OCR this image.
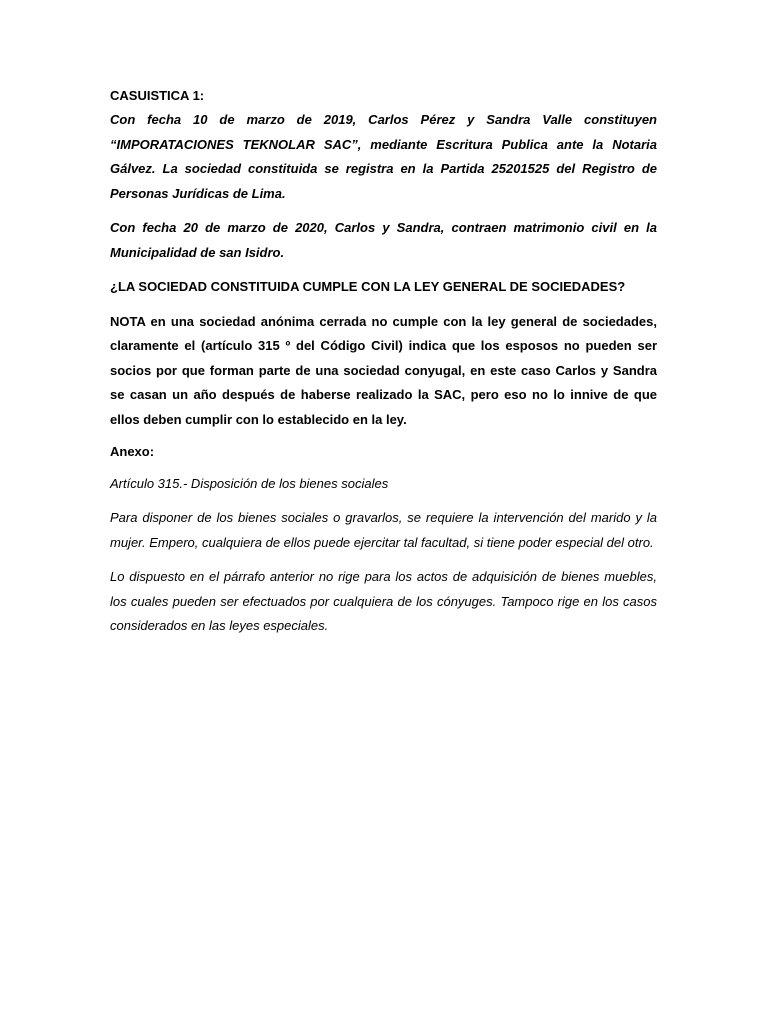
CASUISTICA 1:

Con fecha 10 de marzo de 2019, Carlos Pérez y Sandra Valle constituyen “IMPORATACIONES TEKNOLAR SAC”, mediante Escritura Publica ante la Notaria Gálvez. La sociedad constituida se registra en la Partida 25201525 del Registro de Personas Jurídicas de Lima.

Con fecha 20 de marzo de 2020, Carlos y Sandra, contraen matrimonio civil en la Municipalidad de san Isidro.

¿LA SOCIEDAD CONSTITUIDA CUMPLE CON LA LEY GENERAL DE SOCIEDADES?

NOTA en una sociedad anónima cerrada no cumple con la ley general de sociedades, claramente el (artículo 315 º del Código Civil) indica que los esposos no pueden ser socios por que forman parte de una sociedad conyugal, en este caso Carlos y Sandra se casan un año después de haberse realizado la SAC, pero eso no lo innive de que ellos deben cumplir con lo establecido en la ley.

Anexo:

Artículo 315.- Disposición de los bienes sociales

Para disponer de los bienes sociales o gravarlos, se requiere la intervención del marido y la mujer. Empero, cualquiera de ellos puede ejercitar tal facultad, si tiene poder especial del otro.

Lo dispuesto en el párrafo anterior no rige para los actos de adquisición de bienes muebles, los cuales pueden ser efectuados por cualquiera de los cónyuges. Tampoco rige en los casos considerados en las leyes especiales.
